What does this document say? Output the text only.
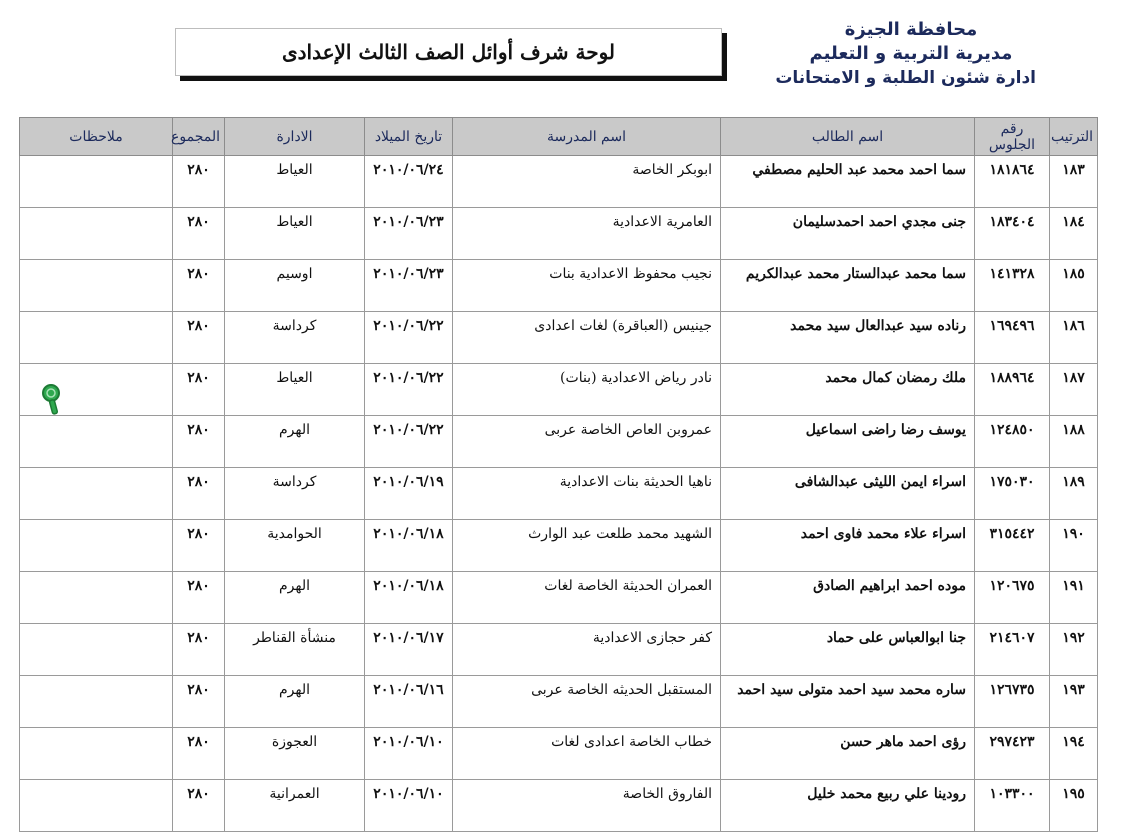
محافظة الجيزة
مديرية التربية و التعليم
ادارة شئون الطلبة و الامتحانات
لوحة شرف أوائل الصف الثالث الإعدادى
الترتيب	رقم الجلوس	اسم الطالب	اسم المدرسة	تاريخ الميلاد	الادارة	المجموع	ملاحظات
١٨٣	١٨١٨٦٤	سما احمد محمد عبد الحليم مصطفي	ابوبكر الخاصة	٢٠١٠/٠٦/٢٤	العياط	٢٨٠	
١٨٤	١٨٣٤٠٤	جنى مجدي احمد احمدسليمان	العامرية الاعدادية	٢٠١٠/٠٦/٢٣	العياط	٢٨٠	
١٨٥	١٤١٣٢٨	سما محمد عبدالستار محمد عبدالكريم	نجيب محفوظ الاعدادية بنات	٢٠١٠/٠٦/٢٣	اوسيم	٢٨٠	
١٨٦	١٦٩٤٩٦	رناده سيد عبدالعال سيد محمد	جينيس (العباقرة) لغات اعدادى	٢٠١٠/٠٦/٢٢	كرداسة	٢٨٠	
١٨٧	١٨٨٩٦٤	ملك رمضان كمال محمد	نادر رياض الاعدادية (بنات)	٢٠١٠/٠٦/٢٢	العياط	٢٨٠	
١٨٨	١٢٤٨٥٠	يوسف رضا راضى اسماعيل	عمروبن العاص الخاصة عربى	٢٠١٠/٠٦/٢٢	الهرم	٢٨٠	
١٨٩	١٧٥٠٣٠	اسراء ايمن الليثى عبدالشافى	ناهيا الحديثة بنات الاعدادية	٢٠١٠/٠٦/١٩	كرداسة	٢٨٠	
١٩٠	٣١٥٤٤٢	اسراء علاء محمد فاوى احمد	الشهيد محمد طلعت عبد الوارث	٢٠١٠/٠٦/١٨	الحوامدية	٢٨٠	
١٩١	١٢٠٦٧٥	موده احمد ابراهيم الصادق	العمران الحديثة الخاصة لغات	٢٠١٠/٠٦/١٨	الهرم	٢٨٠	
١٩٢	٢١٤٦٠٧	جنا ابوالعباس على حماد	كفر حجازى الاعدادية	٢٠١٠/٠٦/١٧	منشأة القناطر	٢٨٠	
١٩٣	١٢٦٧٣٥	ساره محمد سيد احمد متولى سيد احمد	المستقبل الحديثه الخاصة عربى	٢٠١٠/٠٦/١٦	الهرم	٢٨٠	
١٩٤	٢٩٧٤٢٣	رؤى احمد ماهر حسن	خطاب الخاصة اعدادى لغات	٢٠١٠/٠٦/١٠	العجوزة	٢٨٠	
١٩٥	١٠٣٣٠٠	رودينا علي ربيع محمد خليل	الفاروق الخاصة	٢٠١٠/٠٦/١٠	العمرانية	٢٨٠	
